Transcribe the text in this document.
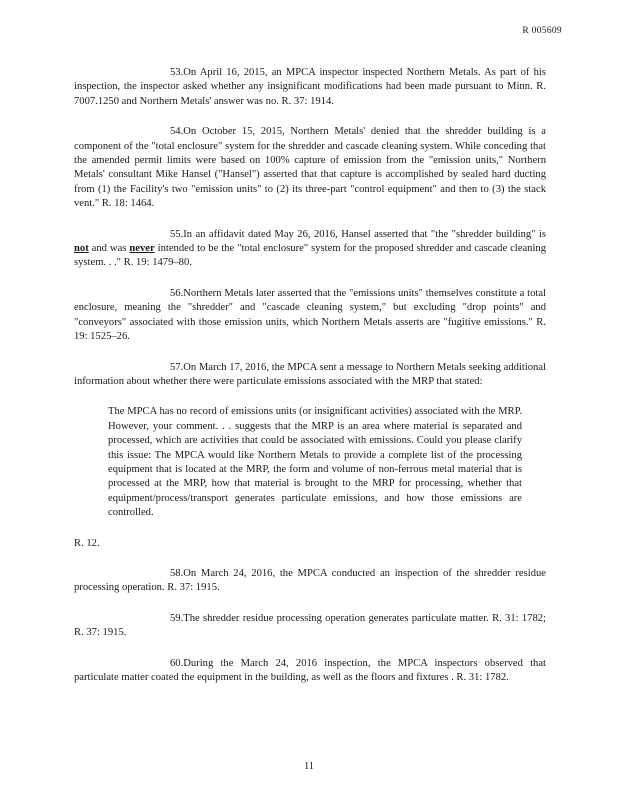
R 005609

53.On April 16, 2015, an MPCA inspector inspected Northern Metals. As part of his inspection, the inspector asked whether any insignificant modifications had been made pursuant to Minn. R. 7007.1250 and Northern Metals' answer was no. R. 37: 1914.

54.On October 15, 2015, Northern Metals' denied that the shredder building is a component of the "total enclosure" system for the shredder and cascade cleaning system. While conceding that the amended permit limits were based on 100% capture of emission from the "emission units," Northern Metals' consultant Mike Hansel ("Hansel") asserted that that capture is accomplished by sealed hard ducting from (1) the Facility's two "emission units" to (2) its three-part "control equipment" and then to (3) the stack vent." R. 18: 1464.

55.In an affidavit dated May 26, 2016, Hansel asserted that "the "shredder building" is not and was never intended to be the "total enclosure" system for the proposed shredder and cascade cleaning system. . ." R. 19: 1479–80.

56.Northern Metals later asserted that the "emissions units" themselves constitute a total enclosure, meaning the "shredder" and "cascade cleaning system," but excluding "drop points" and "conveyors" associated with those emission units, which Northern Metals asserts are "fugitive emissions." R. 19: 1525–26.

57.On March 17, 2016, the MPCA sent a message to Northern Metals seeking additional information about whether there were particulate emissions associated with the MRP that stated:

The MPCA has no record of emissions units (or insignificant activities) associated with the MRP. However, your comment. . . suggests that the MRP is an area where material is separated and processed, which are activities that could be associated with emissions. Could you please clarify this issue: The MPCA would like Northern Metals to provide a complete list of the processing equipment that is located at the MRP, the form and volume of non-ferrous metal material that is processed at the MRP, how that material is brought to the MRP for processing, whether that equipment/process/transport generates particulate emissions, and how those emissions are controlled.

R. 12.

58.On March 24, 2016, the MPCA conducted an inspection of the shredder residue processing operation. R. 37: 1915.

59.The shredder residue processing operation generates particulate matter. R. 31: 1782; R. 37: 1915.

60.During the March 24, 2016 inspection, the MPCA inspectors observed that particulate matter coated the equipment in the building, as well as the floors and fixtures . R. 31: 1782.

11
